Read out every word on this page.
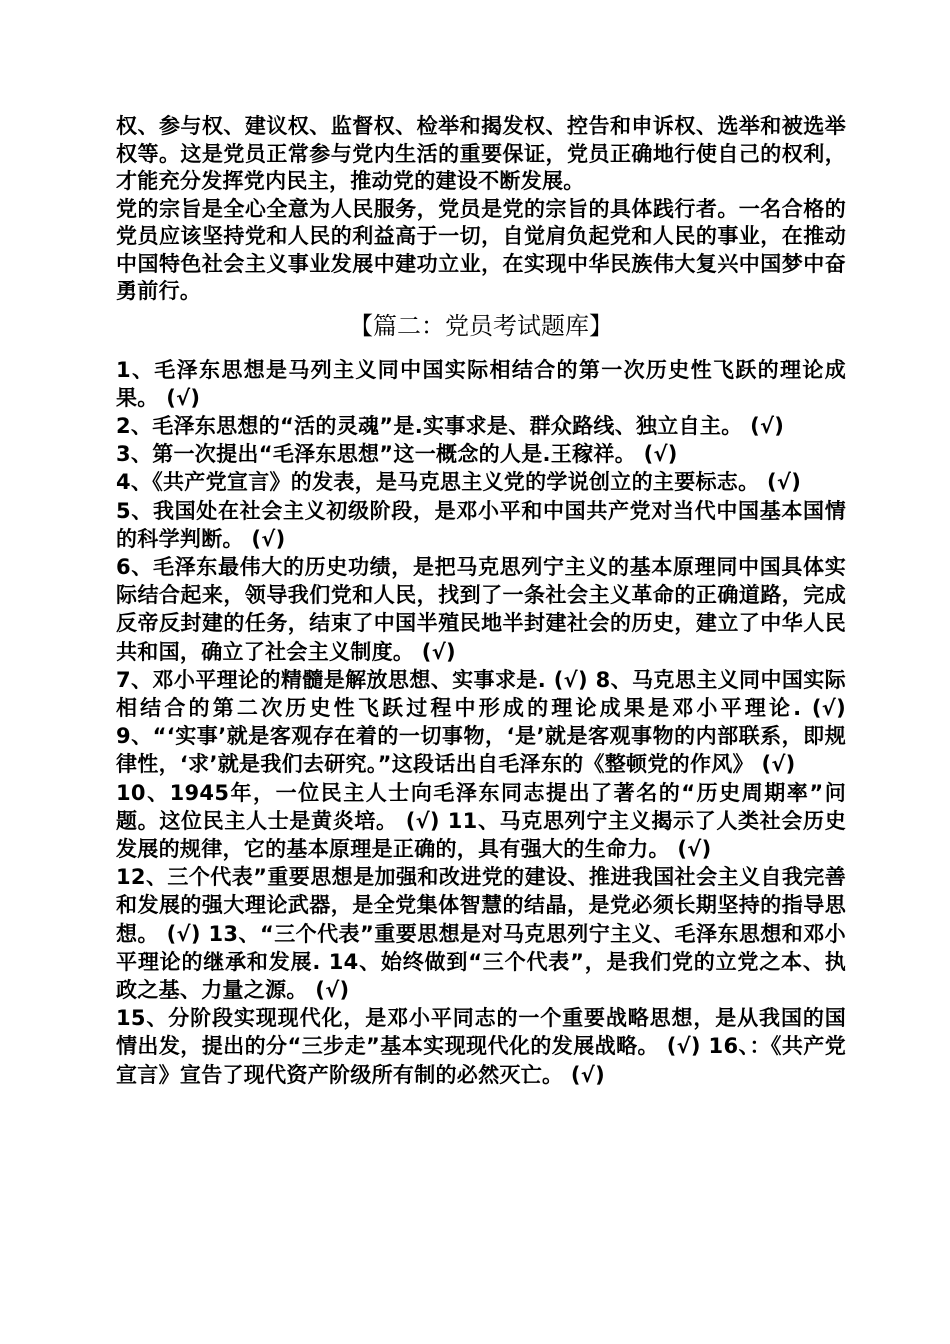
权、参与权、建议权、监督权、检举和揭发权、控告和申诉权、选举和被选举权等。这是党员正常参与党内生活的重要保证，党员正确地行使自己的权利，才能充分发挥党内民主，推动党的建设不断发展。

党的宗旨是全心全意为人民服务，党员是党的宗旨的具体践行者。一名合格的党员应该坚持党和人民的利益高于一切，自觉肩负起党和人民的事业，在推动中国特色社会主义事业发展中建功立业，在实现中华民族伟大复兴中国梦中奋勇前行。

【篇二：党员考试题库】

1、毛泽东思想是马列主义同中国实际相结合的第一次历史性飞跃的理论成果。 (√)

2、毛泽东思想的“活的灵魂”是.实事求是、群众路线、独立自主。 (√)

3、第一次提出“毛泽东思想”这一概念的人是.王稼祥。 (√)

4、《共产党宣言》的发表，是马克思主义党的学说创立的主要标志。 (√)

5、我国处在社会主义初级阶段，是邓小平和中国共产党对当代中国基本国情的科学判断。 (√)

6、毛泽东最伟大的历史功绩，是把马克思列宁主义的基本原理同中国具体实际结合起来，领导我们党和人民，找到了一条社会主义革命的正确道路，完成反帝反封建的任务，结束了中国半殖民地半封建社会的历史，建立了中华人民共和国，确立了社会主义制度。 (√)

7、邓小平理论的精髓是解放思想、实事求是. (√) 8、马克思主义同中国实际相结合的第二次历史性飞跃过程中形成的理论成果是邓小平理论. (√) 9、“‘实事’就是客观存在着的一切事物，‘是’就是客观事物的内部联系，即规律性，‘求’就是我们去研究。”这段话出自毛泽东的《整顿党的作风》 (√)

10、1945年，一位民主人士向毛泽东同志提出了著名的“历史周期率”问题。这位民主人士是黄炎培。 (√) 11、马克思列宁主义揭示了人类社会历史发展的规律，它的基本原理是正确的，具有强大的生命力。 (√)

12、三个代表”重要思想是加强和改进党的建设、推进我国社会主义自我完善和发展的强大理论武器，是全党集体智慧的结晶，是党必须长期坚持的指导思想。 (√) 13、“三个代表”重要思想是对马克思列宁主义、毛泽东思想和邓小平理论的继承和发展. 14、始终做到“三个代表”，是我们党的立党之本、执政之基、力量之源。 (√)

15、分阶段实现现代化，是邓小平同志的一个重要战略思想，是从我国的国情出发，提出的分“三步走”基本实现现代化的发展战略。 (√) 16、：《共产党宣言》宣告了现代资产阶级所有制的必然灭亡。 (√)
